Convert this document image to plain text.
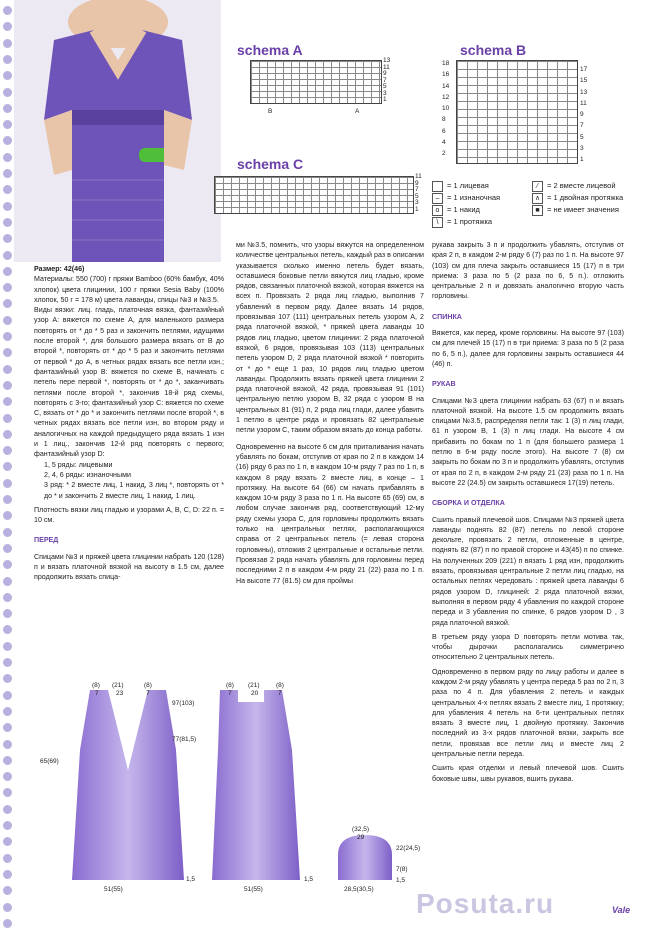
schema A
13
11
9
7
5
3
1
B	A
schema B
18
16
14
12
10
8
6
4
2
17
15
13
11
9
7
5
3
1
schema C
11
9
7
5
3
1
= 1 лицевая	⁄	= 2 вместе лицевой
–	= 1 изнаночная	∧ = 1 двойная протяжка
o	= 1 накид	■ = не имеет значения
\	= 1 протяжка

Размер: 42(46)

Материалы: 550 (700) г пряжи Bamboo (60% бамбук, 40% хлопок) цвета глицинии, 100 г пряжи Sesia Baby (100% хлопок, 50 г = 178 м) цвета лаванды, спицы №3 и №3.5.

Виды вязки: лиц. гладь, платочная вязка, фантазийный узор А: вяжется по схеме А, для маленького размера повторять от * до * 5 раз и закончить петлями, идущими после второй *, для большого размера вязать от В до второй *, повторять от * до * 5 раз и закончить петлями от первой * до А, в четных рядах вязать все петли изн.; фантазийный узор В: вяжется по схеме В, начинать с петель пере первой *, повторять от * до *, заканчивать петлями после второй *, закончив 18-й ряд схемы, повторять с 3-го; фантазийный узор С: вяжется по схеме С, вязать от * до * и закончить петлями после второй *, в четных рядах вязать все петли изн, во втором ряду и аналогичных на каждой предыдущего ряда вязать 1 изн и 1 лиц., закончив 12-й ряд повторять с первого; фантазийный узор D:

1, 5 ряды: лицевыми

2, 4, 6 ряды: изнаночными

3 ряд: * 2 вместе лиц, 1 накид, 3 лиц *, повторять от * до * и закончить 2 вместе лиц, 1 накид, 1 лиц.

Плотность вязки лиц гладью и узорами А, В, С, D: 22 п. = 10 см.

ПЕРЕД

Спицами №3 и пряжей цвета глицинии набрать 120 (128) п и вязать платочной вязкой на высоту в 1.5 см, далее продолжить вязать спица-

ми №3.5, помнить, что узоры вяжутся на определенном количестве центральных петель, каждый раз в описании указывается сколько именно петель будет вязать, оставшиеся боковые петли вяжутся лиц гладью, кроме рядов, связанных платочной вязкой, которая вяжется на всех п. Провязать 2 ряда лиц гладью, выполнив 7 убавлений в первом ряду. Далее вязать 14 рядов, провязывая 107 (111) центральных петель узором А, 2 ряда платочной вязкой, * пряжей цвета лаванды 10 рядов лиц гладью, цветом глицинии: 2 ряда платочной вязкой, 6 рядов, провязывая 103 (113) центральных петель узором D, 2 ряда платочной вязкой * повторить от * до * еще 1 раз, 10 рядов лиц гладью цветом лаванды. Продолжить вязать пряжей цвета глицинии 2 ряда платочной вязкой, 42 ряда, провязывая 91 (101) центральную петлю узором В, 32 ряда с узором В на центральных 81 (91) п, 2 ряда лиц глади, далее убавить 1 петлю в центре ряда и провязать 82 центральные петли узором С, таким образом вязать до конца работы.

Одновременно на высоте 6 см для приталивания начать убавлять по бокам, отступив от края по 2 п в каждом 14 (16) ряду 6 раз по 1 п, в каждом 10-м ряду 7 раз по 1 п, в каждом 8 ряду вязать 2 вместе лиц, в конце – 1 протяжку. На высоте 64 (66) см начать прибавлять в каждом 10-м ряду 3 раза по 1 п. На высоте 65 (69) см, в любом случае закончив ряд, соответствующий 12-му ряду схемы узора С, для горловины продолжить вязать только на центральных петлях, располагающихся справа от 2 центральных петель (= левая сторона горловины), отложив 2 центральные и остальные петли. Провязав 2 ряда начать убавлять для горловины перед последними 2 п в каждом 4-м ряду 21 (22) раза по 1 п. На высоте 77 (81.5) см для проймы

рукава закрыть 3 п и продолжить убавлять, отступив от края 2 п, в каждом 2-м ряду 6 (7) раз по 1 п. На высоте 97 (103) см для плеча закрыть оставшиеся 15 (17) п в три приема: 3 раза по 5 (2 раза по 6, 5 п.). отложить центральные 2 п и довязать аналогично вторую часть горловины.

СПИНКА

Вяжется, как перед, кроме горловины. На высоте 97 (103) см для плечей 15 (17) п в три приема: 3 раза по 5 (2 раза по 6, 5 п.), далее для горловины закрыть оставшиеся 44 (46) п.

РУКАВ

Спицами №3 цвета глицинии набрать 63 (67) п и вязать платочной вязкой. На высоте 1.5 см продолжить вязать спицами №3.5, распределяя петли так: 1 (3) п лиц глади, 61 п узором В, 1 (3) п лиц глади. На высоте 4 см прибавить по бокам по 1 п (для большего размера 1 петлю в 6-м ряду после этого). На высоте 7 (8) см закрыть по бокам по 3 п и продолжить убавлять, отступив от края по 2 п, в каждом 2-м ряду 21 (23) раза по 1 п. На высоте 22 (24.5) см закрыть оставшиеся 17(19) петель.

СБОРКА И ОТДЕЛКА

Сшить правый плечевой шов. Спицами №3 пряжей цвета лаванды поднять 82 (87) петель по левой стороне декольте, провязать 2 петли, отложенные в центре, поднять 82 (87) п по правой стороне и 43(45) п по спинке. На полученных 209 (221) п вязать 1 ряд изн, продолжить вязать, провязывая центральные 2 петли лиц гладью, на остальных петлях чередовать : пряжей цвета лаванды 6 рядов узором D, глициней: 2 ряда платочной вязки, выполняя в первом ряду 4 убавления по каждой стороне переда и 3 убавления по спинке, 6 рядов узором D , 3 ряда платочной вязкой.

В третьем ряду узора D повторять петли мотива так, чтобы дырочки располагались симметрично относительно 2 центральных петель.

Одновременно в первом ряду по лицу работы и далее в каждом 2-м ряду убавлять у центра переда 5 раз по 2 п, 3 раза по 4 п. Для убавления 2 петель и каждых центральных 4-х петлях вязать 2 вместе лиц, 1 протяжку; для убавления 4 петель на 6-ти центральных петлях вязать 3 вместе лиц, 1 двойную протяжку. Закончив последний из 3-х рядов платочной вязки, закрыть все петли, провязав все петли лиц и вместе лиц 2 центральные петли переда.

Сшить края отделки и левый плечевой шов. Сшить боковые швы, швы рукавов, вшить рукава.

(8) (21)	(8)
7	23	7
97(103)
77(81,5)
65(69)
51(55)
1,5
(8) (21)	(8)
7	20	7
51(55)
1,5
(32,5)
29
22(24,5)
7(8)
1,5
28,5(30,5) Posuta.ru	Vale
